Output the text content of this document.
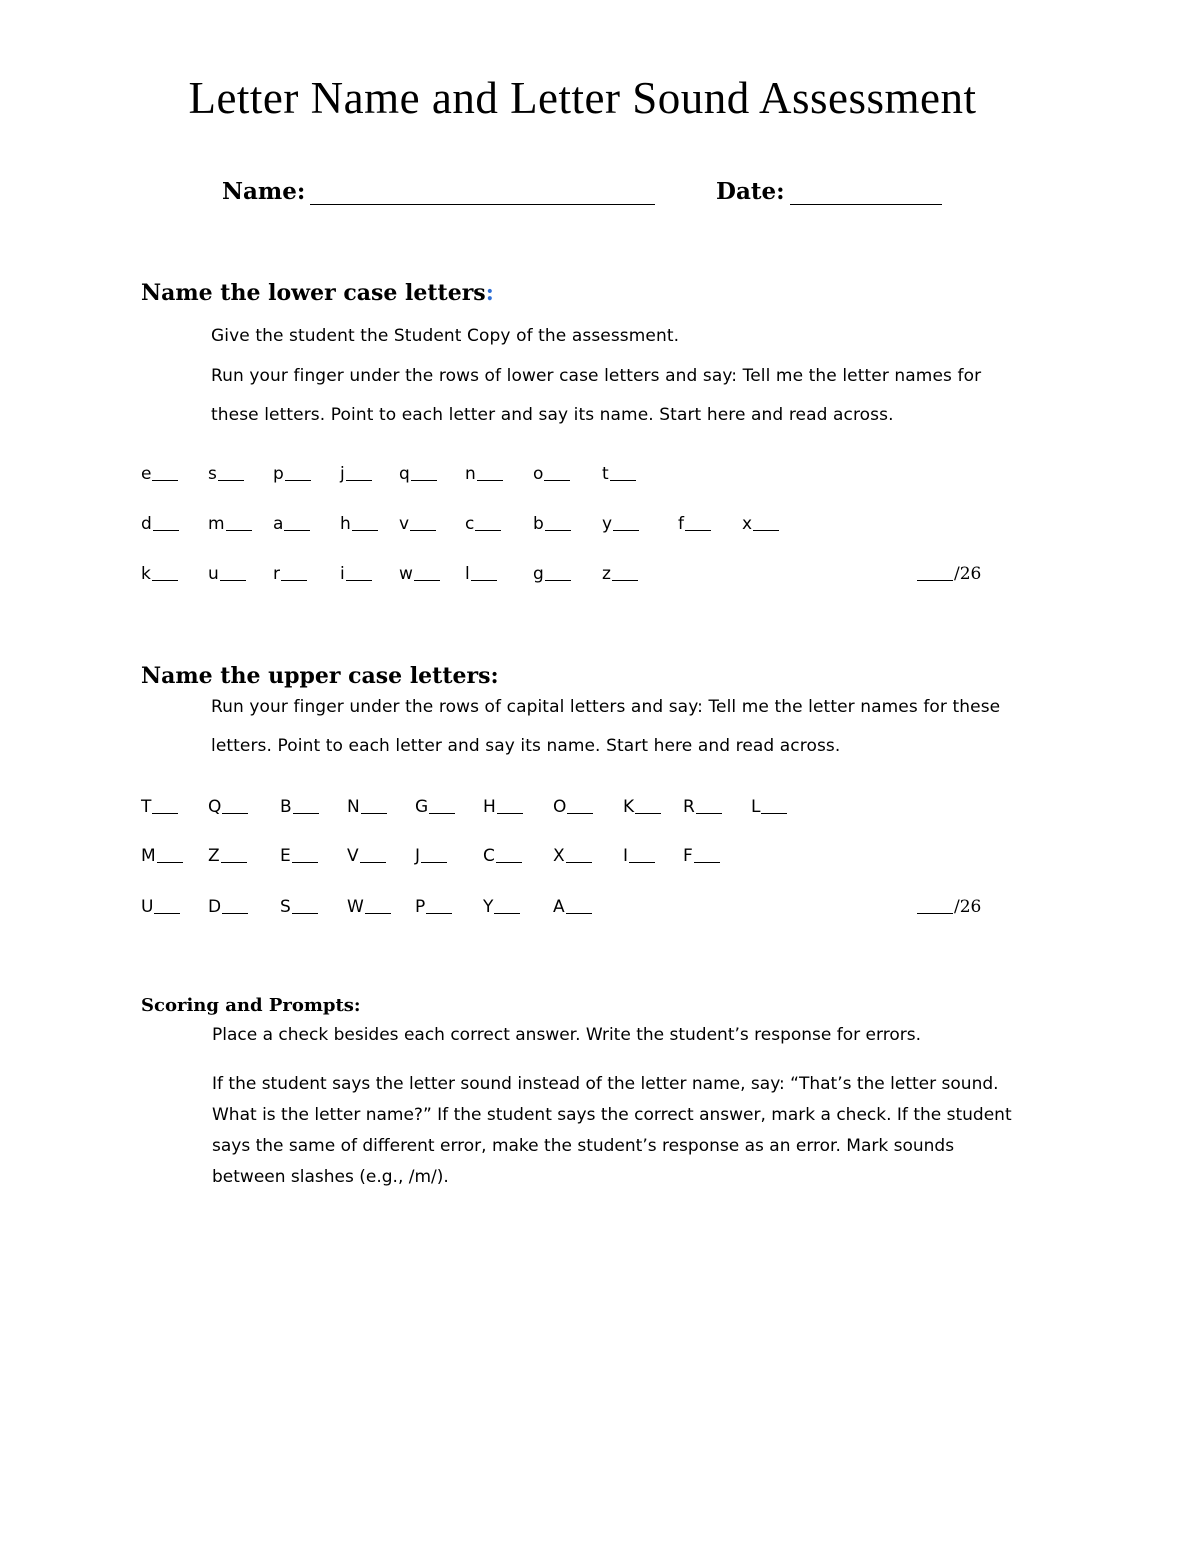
Letter Name and Letter Sound Assessment
Name:	Date:
Name the lower case letters:
Give the student the Student Copy of the assessment.
Run your finger under the rows of lower case letters and say: Tell me the letter names for
these letters. Point to each letter and say its name. Start here and read across.
e	s	p	j	q	n	o	t
d	m	a	h	v	c	b	y	f	x
k	u	r	i	w	l	g	z	/26
Name the upper case letters:
Run your finger under the rows of capital letters and say: Tell me the letter names for these
letters. Point to each letter and say its name. Start here and read across.
T	Q	B	N	G	H	O	K	R	L
M	Z	E	V	J	C	X	I	F
U	D	S	W	P	Y	A	/26
Scoring and Prompts:
Place a check besides each correct answer. Write the student’s response for errors.
If the student says the letter sound instead of the letter name, say: “That’s the letter sound. What is the letter name?” If the student says the correct answer, mark a check. If the student says the same of different error, make the student’s response as an error. Mark sounds between slashes (e.g., /m/).
